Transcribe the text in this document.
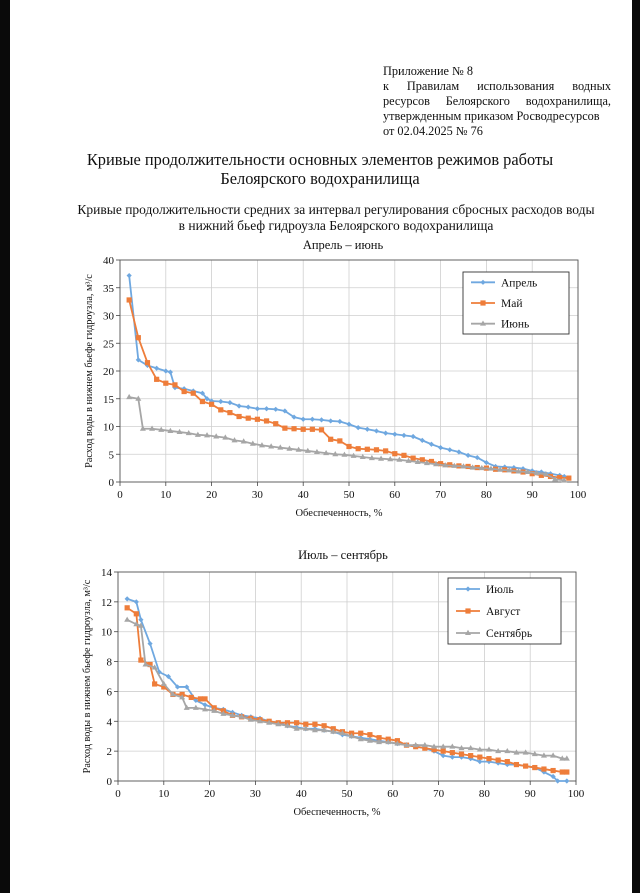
Приложение № 8
к Правилам использования водных
ресурсов Белоярского водохранилища,
утвержденным приказом Росводресурсов
от 02.04.2025 № 76
Кривые продолжительности основных элементов режимов работы
Белоярского водохранилища
Кривые продолжительности средних за интервал регулирования сбросных расходов воды
в нижний бьеф гидроузла Белоярского водохранилища
Апрель – июнь
0	10	20	30	40	50	60	70	80	90	100
0
5
10
15
20
25
30
35
40
Обеспеченность, %
Расход воды в нижнем бьефе гидроузла, м³/с	Апрель
Май
Июнь
Июль – сентябрь
0	10	20	30	40	50	60	70	80	90	100
0
2
4
6
8
10
12
14
Обеспеченность, %
Расход воды в нижнем бьефе гидроузла, м³/с	Июль
Август
Сентябрь
